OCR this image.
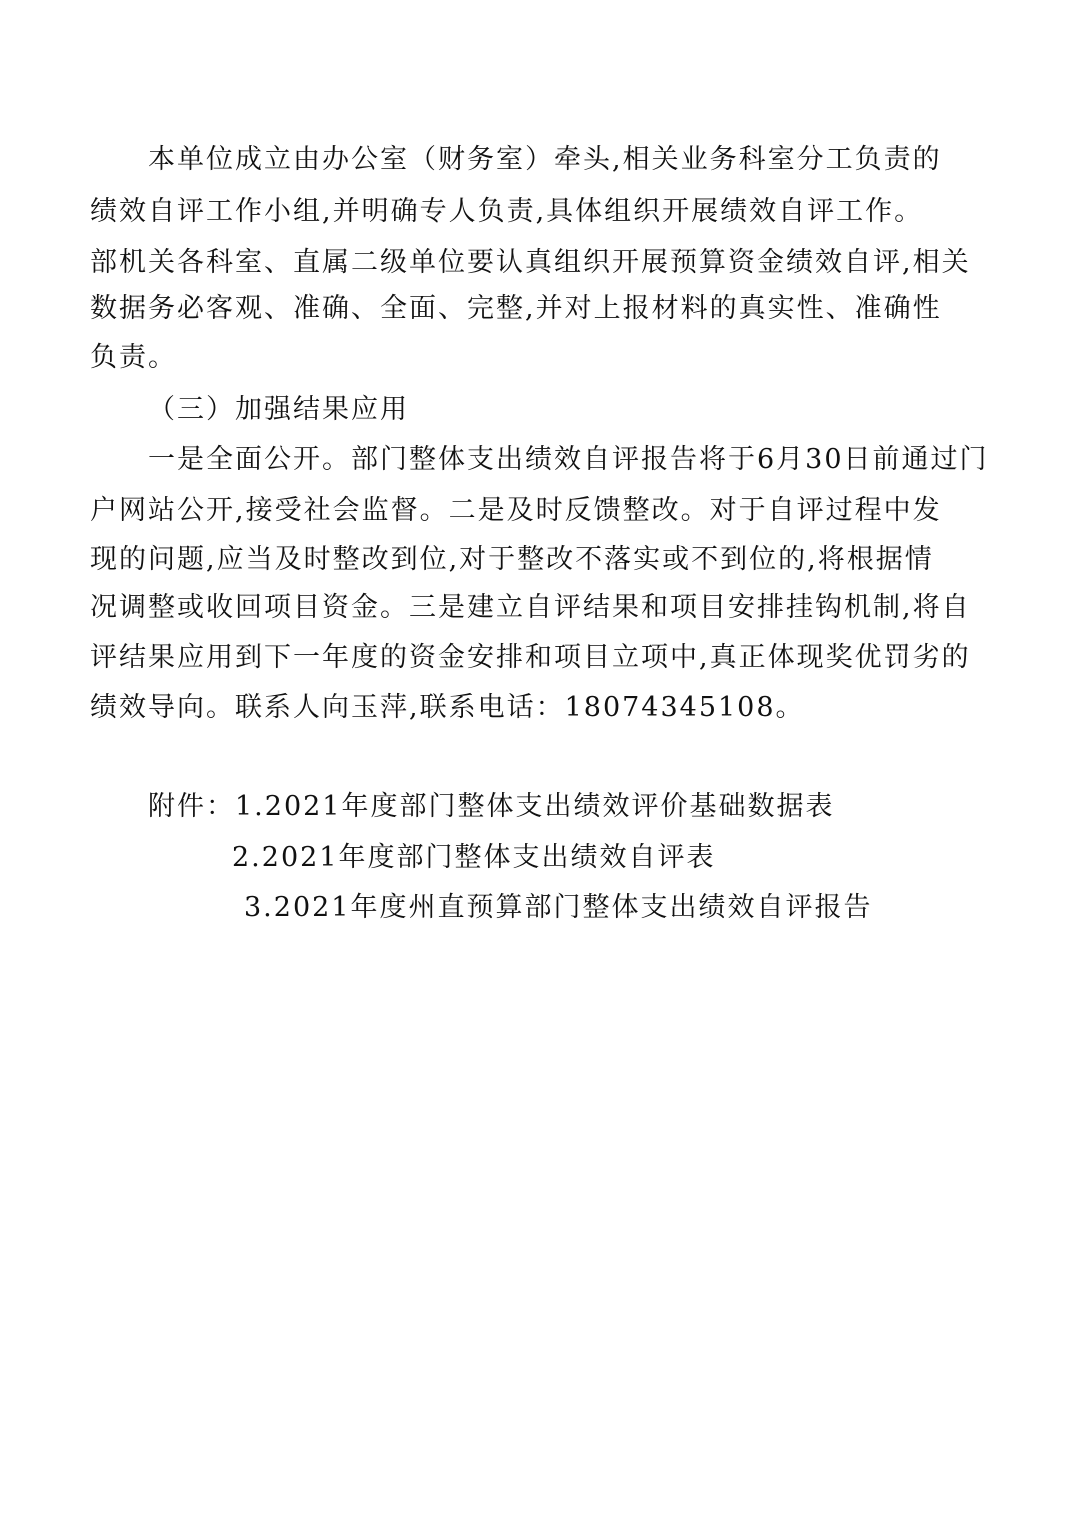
本单位成立由办公室（财务室）牵头,相关业务科室分工负责的
绩效自评工作小组,并明确专人负责,具体组织开展绩效自评工作。
部机关各科室、直属二级单位要认真组织开展预算资金绩效自评,相关
数据务必客观、准确、全面、完整,并对上报材料的真实性、准确性
负责。
（三）加强结果应用
一是全面公开。部门整体支出绩效自评报告将于6月30日前通过门
户网站公开,接受社会监督。二是及时反馈整改。对于自评过程中发
现的问题,应当及时整改到位,对于整改不落实或不到位的,将根据情
况调整或收回项目资金。三是建立自评结果和项目安排挂钩机制,将自
评结果应用到下一年度的资金安排和项目立项中,真正体现奖优罚劣的
绩效导向。联系人向玉萍,联系电话：18074345108。
附件：1.2021年度部门整体支出绩效评价基础数据表
2.2021年度部门整体支出绩效自评表
3.2021年度州直预算部门整体支出绩效自评报告
